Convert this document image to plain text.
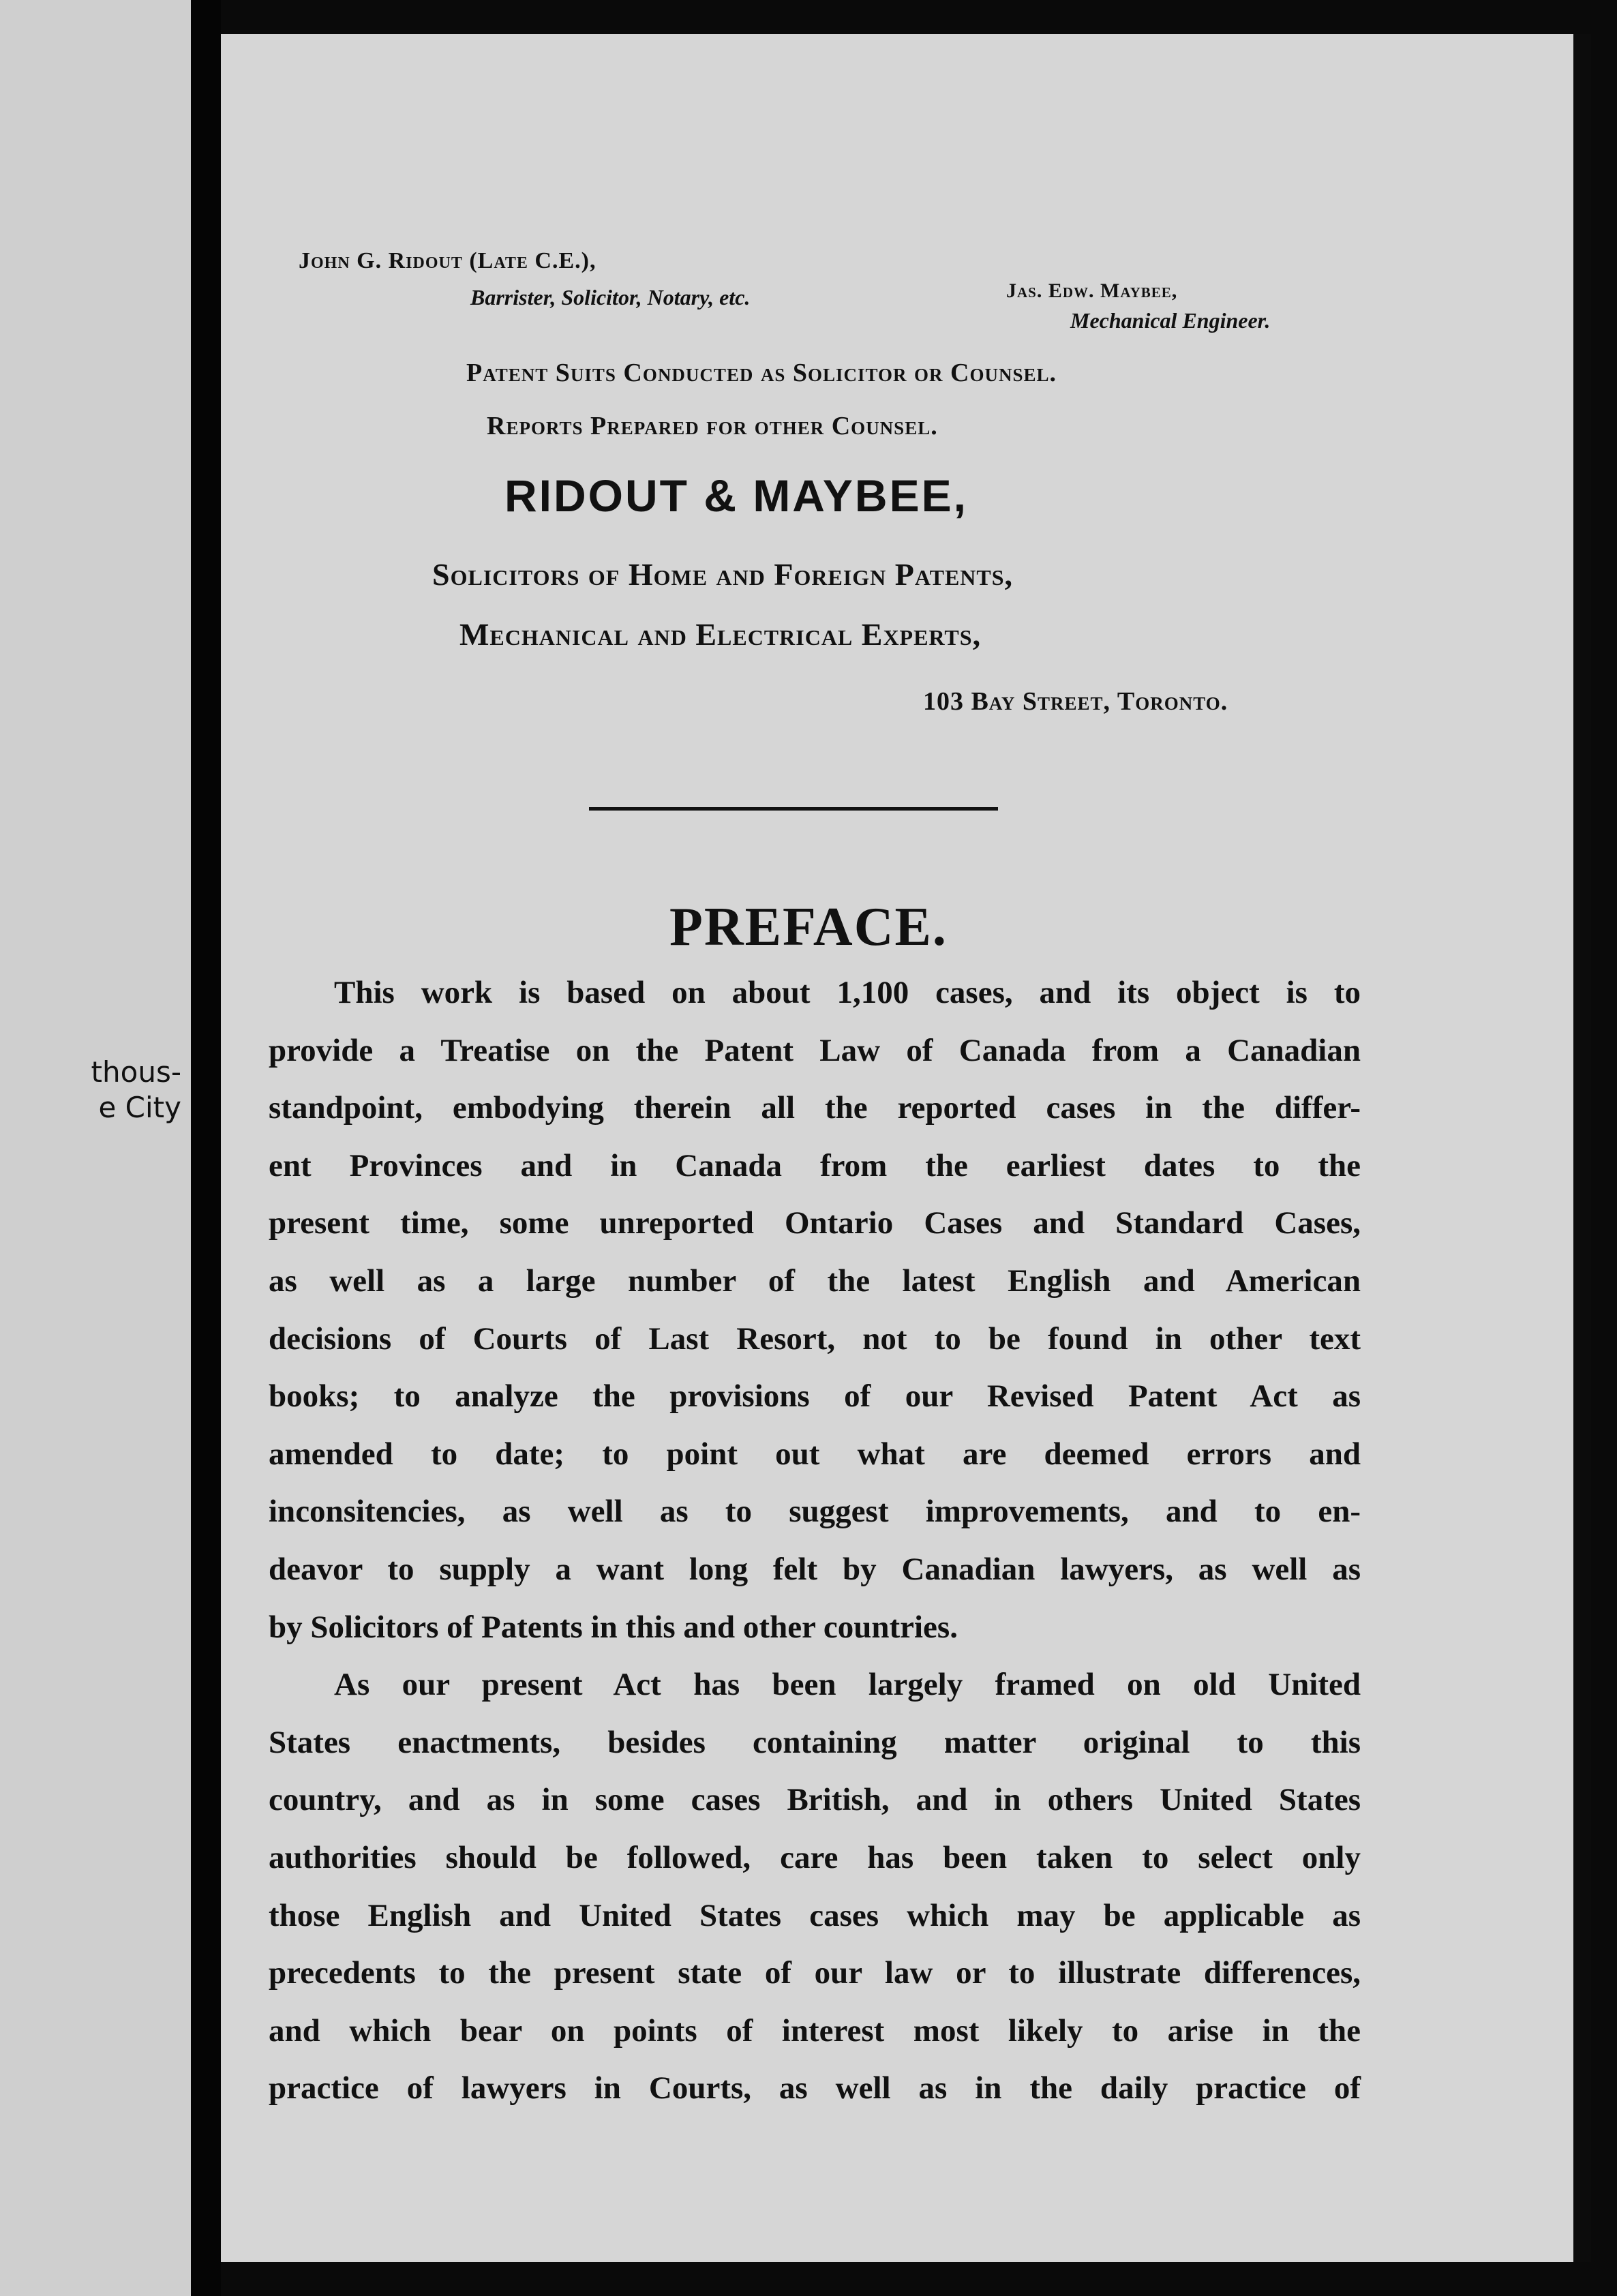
thous-
e City
John G. Ridout (Late C.E.),
Barrister, Solicitor, Notary, etc.	Jas. Edw. Maybee,
Mechanical Engineer.
Patent Suits Conducted as Solicitor or Counsel.
Reports Prepared for other Counsel.
RIDOUT & MAYBEE,
Solicitors of Home and Foreign Patents,
Mechanical and Electrical Experts,
103 Bay Street, Toronto.
PREFACE.
This work is based on about 1,100 cases, and its object is to
provide a Treatise on the Patent Law of Canada from a Canadian
standpoint, embodying therein all the reported cases in the differ-
ent Provinces and in Canada from the earliest dates to the
present time, some unreported Ontario Cases and Standard Cases,
as well as a large number of the latest English and American
decisions of Courts of Last Resort, not to be found in other text
books; to analyze the provisions of our Revised Patent Act as
amended to date; to point out what are deemed errors and
inconsitencies, as well as to suggest improvements, and to en-
deavor to supply a want long felt by Canadian lawyers, as well as
by Solicitors of Patents in this and other countries.
As our present Act has been largely framed on old United
States enactments, besides containing matter original to this
country, and as in some cases British, and in others United States
authorities should be followed, care has been taken to select only
those English and United States cases which may be applicable as
precedents to the present state of our law or to illustrate differences,
and which bear on points of interest most likely to arise in the
practice of lawyers in Courts, as well as in the daily practice of
